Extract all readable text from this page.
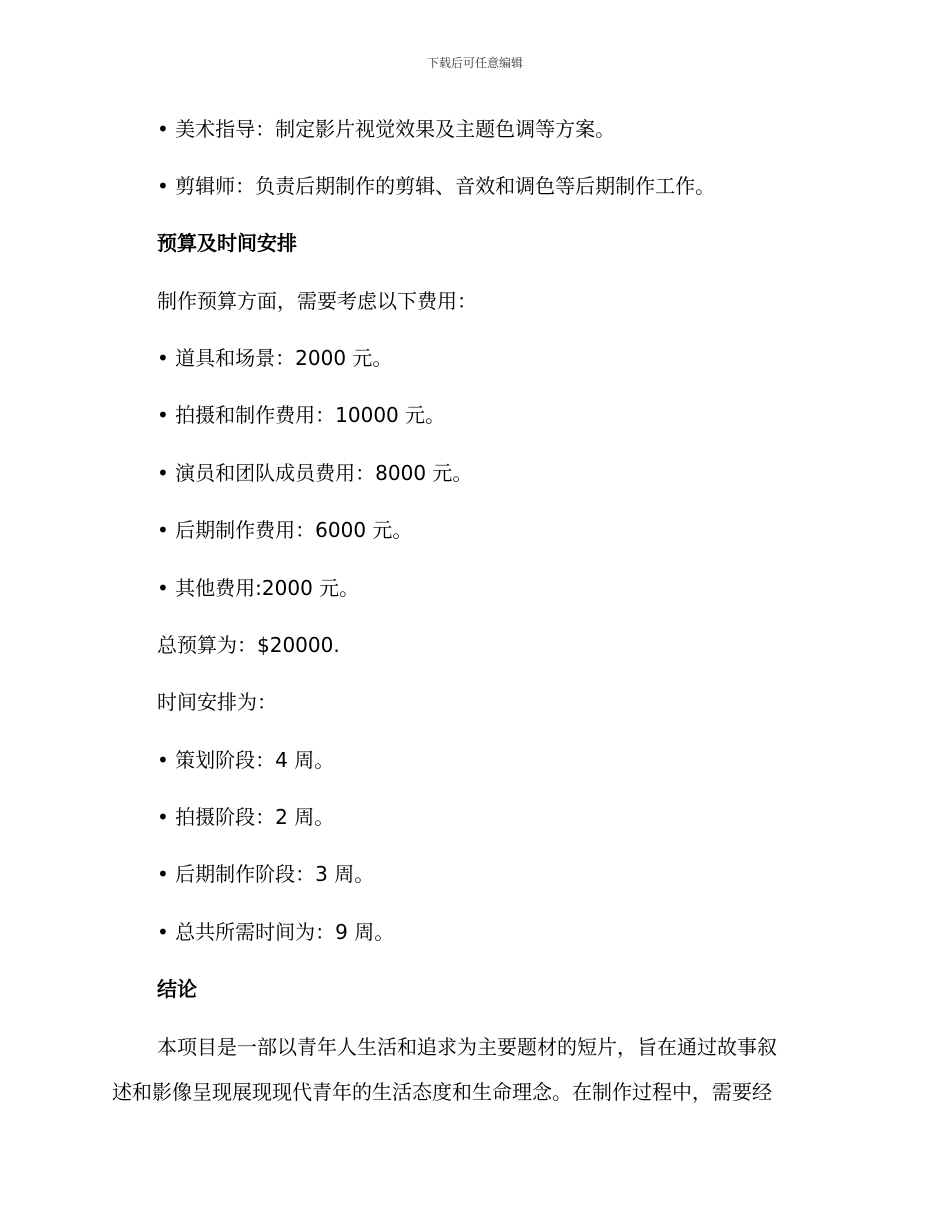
下载后可任意编辑
• 美术指导：制定影片视觉效果及主题色调等方案。
• 剪辑师：负责后期制作的剪辑、音效和调色等后期制作工作。
预算及时间安排
制作预算方面，需要考虑以下费用：
• 道具和场景：2000 元。
• 拍摄和制作费用：10000 元。
• 演员和团队成员费用：8000 元。
• 后期制作费用：6000 元。
• 其他费用:2000 元。
总预算为：$20000.
时间安排为：
• 策划阶段：4 周。
• 拍摄阶段：2 周。
• 后期制作阶段：3 周。
• 总共所需时间为：9 周。
结论
本项目是一部以青年人生活和追求为主要题材的短片，旨在通过故事叙
述和影像呈现展现现代青年的生活态度和生命理念。在制作过程中，需要经
